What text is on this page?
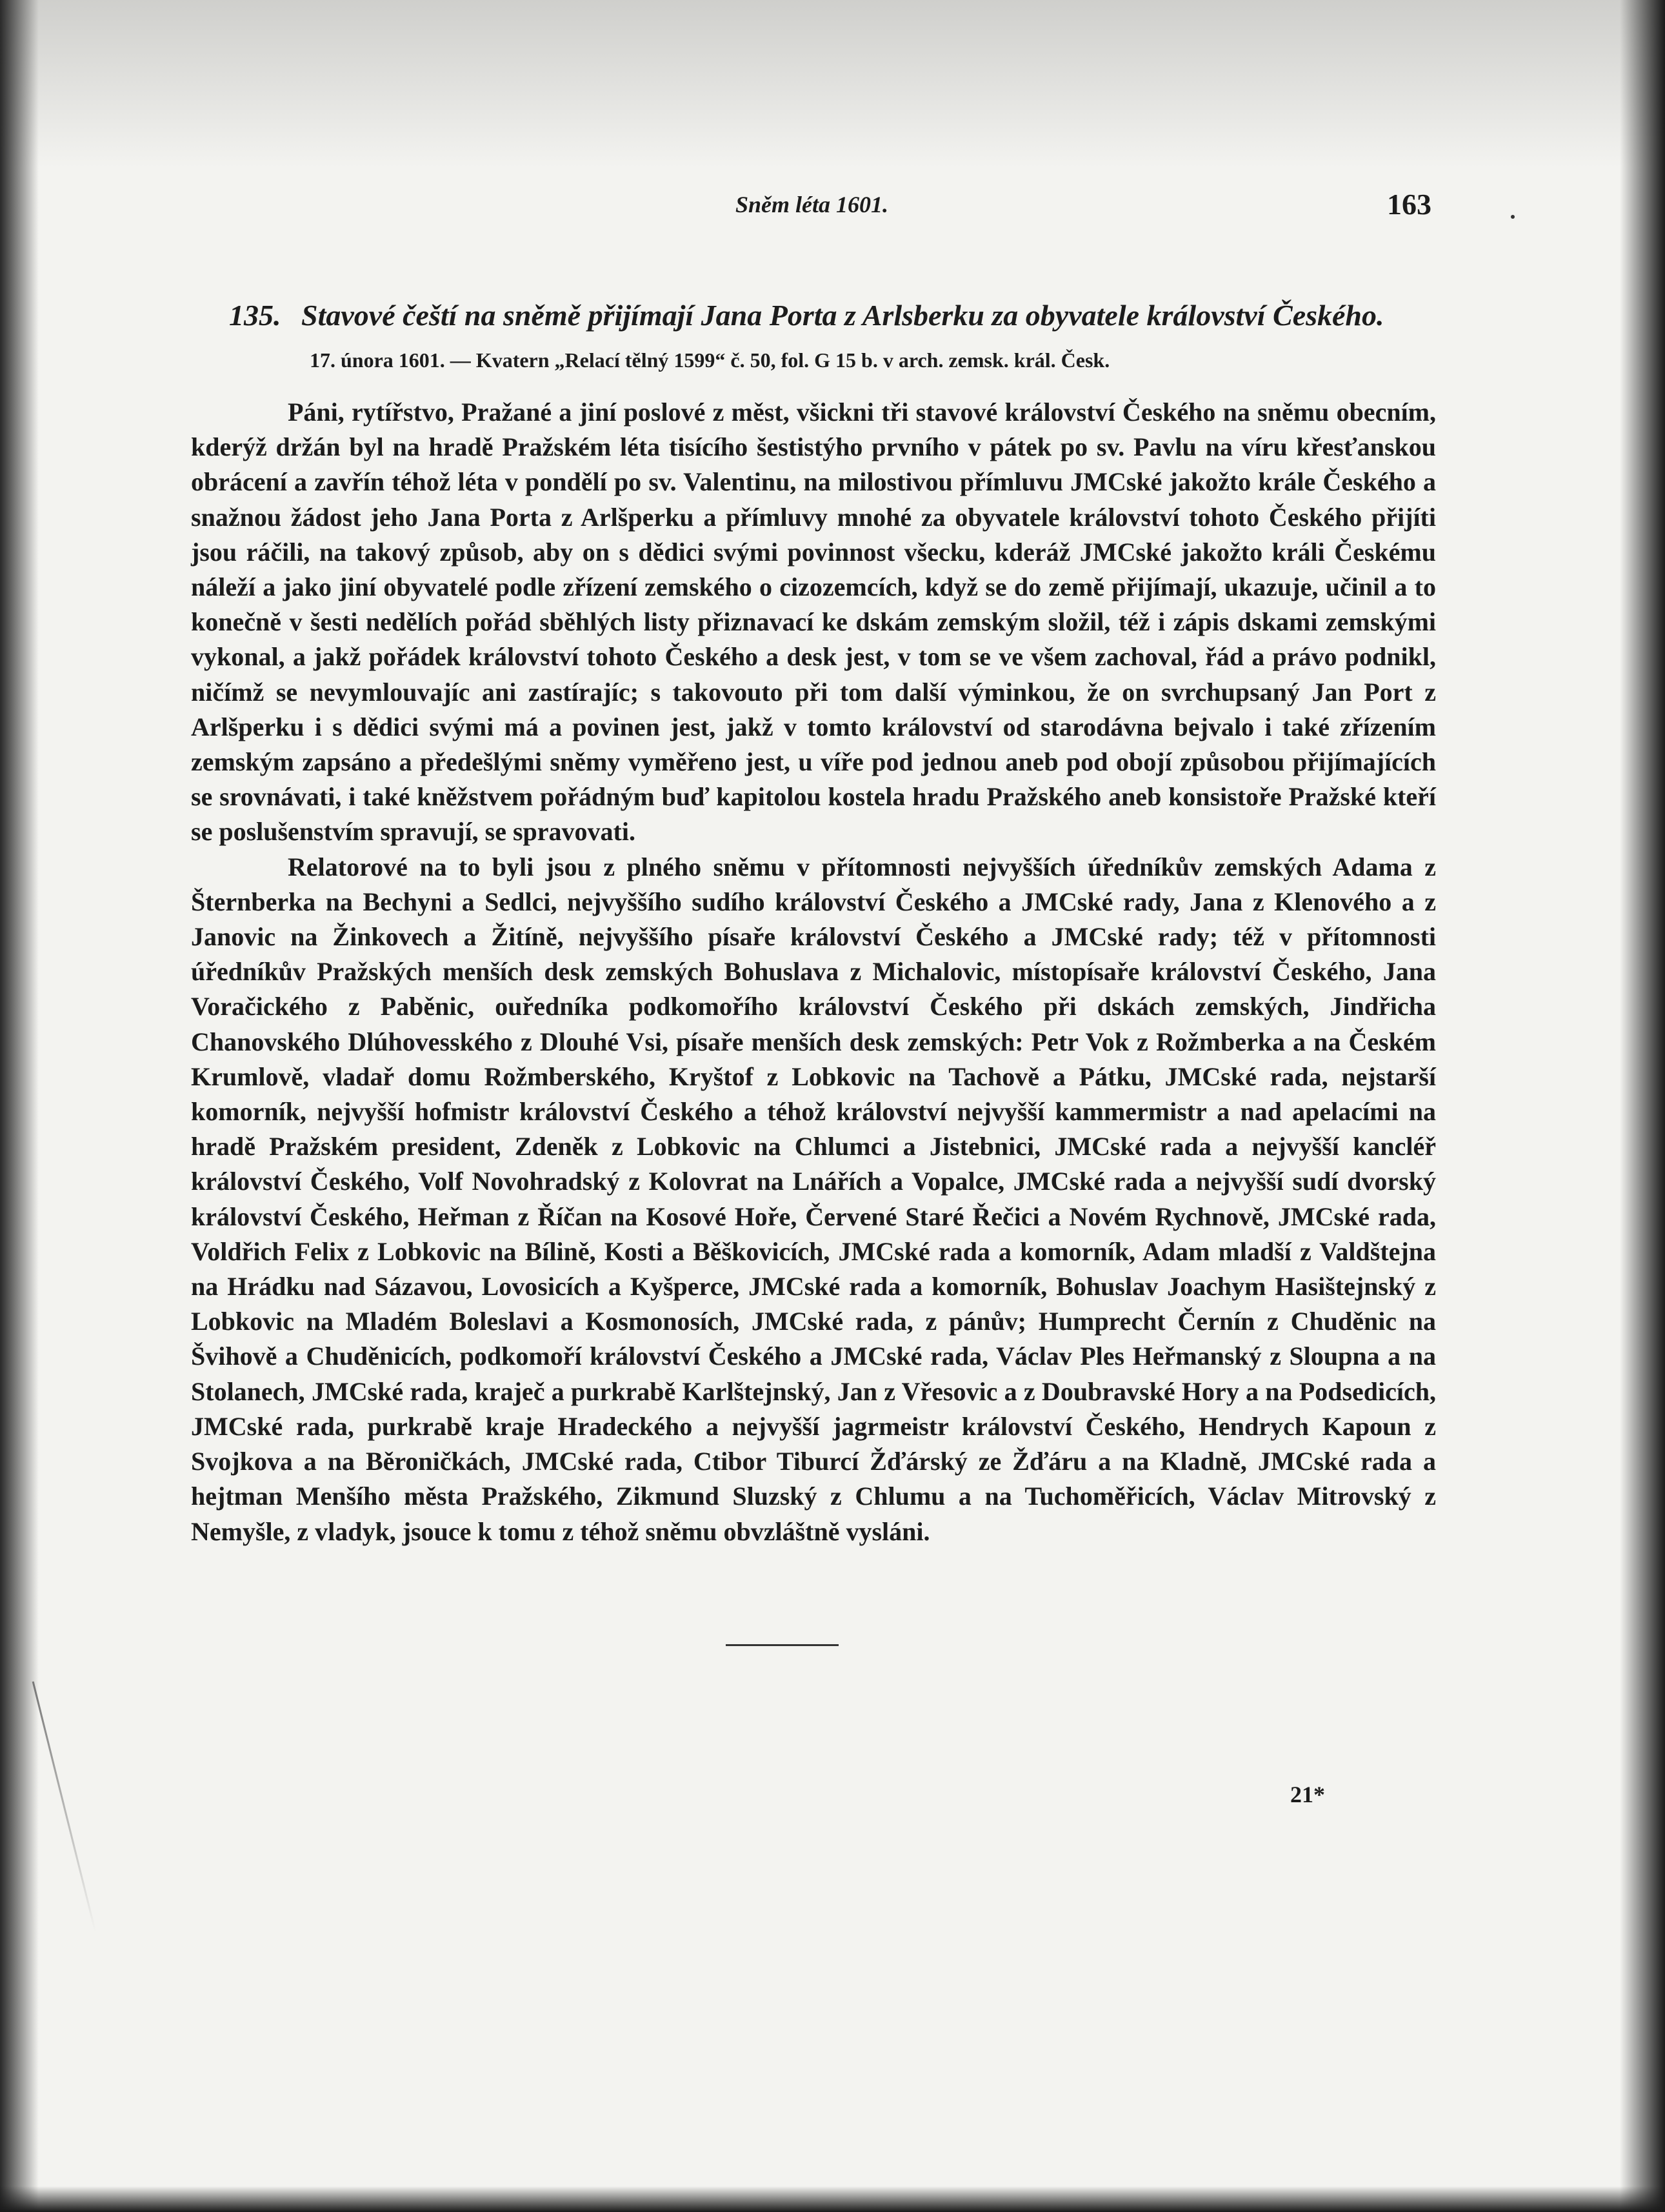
Sněm léta 1601.	163
135. Stavové čeští na sněmě přijímají Jana Porta z Arlsberku za obyvatele království Českého.
17. února 1601. — Kvatern „Relací tělný 1599“ č. 50, fol. G 15 b. v arch. zemsk. král. Česk.

Páni, rytířstvo, Pražané a jiní poslové z měst, všickni tři stavové království Českého na sněmu obecním, kderýž držán byl na hradě Pražském léta tisícího šestistýho prvního v pátek po sv. Pavlu na víru křesťanskou obrácení a zavřín téhož léta v pondělí po sv. Valentinu, na milostivou přímluvu JMCské jakožto krále Českého a snažnou žádost jeho Jana Porta z Arlšperku a přímluvy mnohé za obyvatele království tohoto Českého přijíti jsou ráčili, na takový způsob, aby on s dědici svými povinnost všecku, kderáž JMCské jakožto králi Českému náleží a jako jiní obyvatelé podle zřízení zemského o cizozemcích, když se do země přijímají, ukazuje, učinil a to konečně v šesti nedělích pořád sběhlých listy přiznavací ke dskám zemským složil, též i zápis dskami zemskými vykonal, a jakž pořádek království tohoto Českého a desk jest, v tom se ve všem zachoval, řád a právo podnikl, ničímž se nevymlouvajíc ani zastírajíc; s takovouto při tom další výminkou, že on svrchupsaný Jan Port z Arlšperku i s dědici svými má a povinen jest, jakž v tomto království od starodávna bejvalo i také zřízením zemským zapsáno a předešlými sněmy vyměřeno jest, u víře pod jednou aneb pod obojí způsobou přijímajících se srovnávati, i také kněžstvem pořádným buď kapitolou kostela hradu Pražského aneb konsistoře Pražské kteří se poslušenstvím spravují, se spravovati.

Relatorové na to byli jsou z plného sněmu v přítomnosti nejvyšších úředníkův zemských Adama z Šternberka na Bechyni a Sedlci, nejvyššího sudího království Českého a JMCské rady, Jana z Klenového a z Janovic na Žinkovech a Žitíně, nejvyššího písaře království Českého a JMCské rady; též v přítomnosti úředníkův Pražských menších desk zemských Bohuslava z Michalovic, místopísaře království Českého, Jana Voračického z Paběnic, ouředníka podkomořího království Českého při dskách zemských, Jindřicha Chanovského Dlúhovesského z Dlouhé Vsi, písaře menších desk zemských: Petr Vok z Rožmberka a na Českém Krumlově, vladař domu Rožmberského, Kryštof z Lobkovic na Tachově a Pátku, JMCské rada, nejstarší komorník, nejvyšší hofmistr království Českého a téhož království nejvyšší kammermistr a nad apelacími na hradě Pražském president, Zdeněk z Lobkovic na Chlumci a Jistebnici, JMCské rada a nejvyšší kancléř království Českého, Volf Novohradský z Kolovrat na Lnářích a Vopalce, JMCské rada a nejvyšší sudí dvorský království Českého, Heřman z Říčan na Kosové Hoře, Červené Staré Řečici a Novém Rychnově, JMCské rada, Voldřich Felix z Lobkovic na Bílině, Kosti a Běškovicích, JMCské rada a komorník, Adam mladší z Valdštejna na Hrádku nad Sázavou, Lovosicích a Kyšperce, JMCské rada a komorník, Bohuslav Joachym Hasištejnský z Lobkovic na Mladém Boleslavi a Kosmonosích, JMCské rada, z pánův; Humprecht Černín z Chuděnic na Švihově a Chuděnicích, podkomoří království Českého a JMCské rada, Václav Ples Heřmanský z Sloupna a na Stolanech, JMCské rada, kraječ a purkrabě Karlštejnský, Jan z Vřesovic a z Doubravské Hory a na Podsedicích, JMCské rada, purkrabě kraje Hradeckého a nejvyšší jagrmeistr království Českého, Hendrych Kapoun z Svojkova a na Běroničkách, JMCské rada, Ctibor Tiburcí Žďárský ze Žďáru a na Kladně, JMCské rada a hejtman Menšího města Pražského, Zikmund Sluzský z Chlumu a na Tuchoměřicích, Václav Mitrovský z Nemyšle, z vladyk, jsouce k tomu z téhož sněmu obvzláštně vysláni.

21*
